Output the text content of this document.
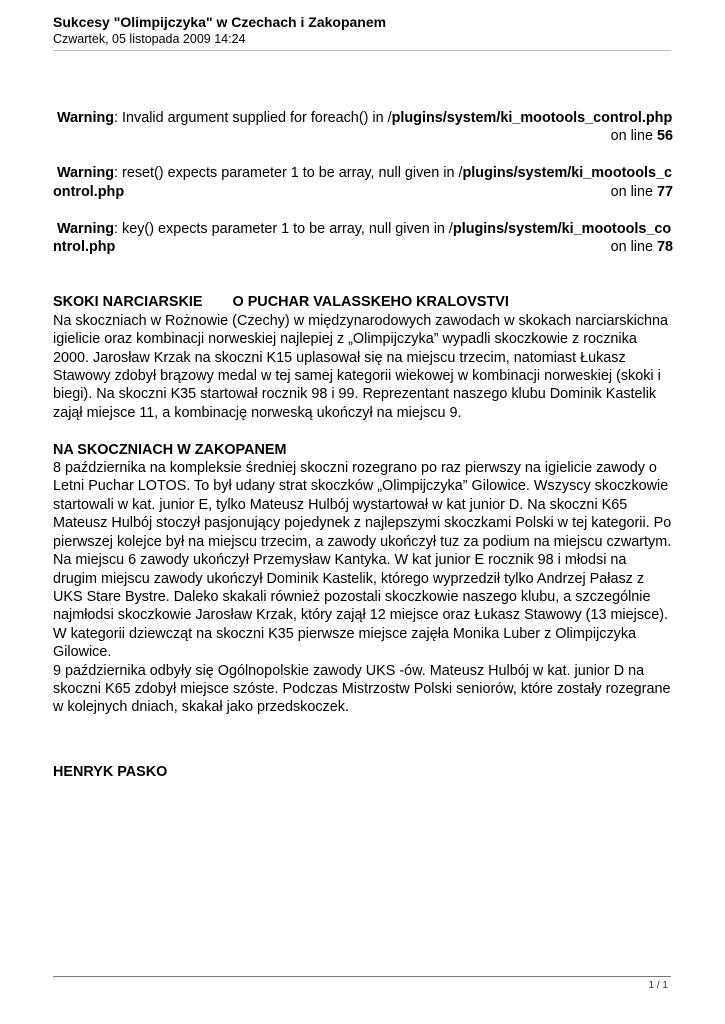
Sukcesy "Olimpijczyka" w Czechach i Zakopanem
Czwartek, 05 listopada 2009 14:24
Warning: Invalid argument supplied for foreach() in /plugins/system/ki_mootools_control.php
on line 56
Warning: reset() expects parameter 1 to be array, null given in /plugins/system/ki_mootools_control.php	on line 77
Warning: key() expects parameter 1 to be array, null given in /plugins/system/ki_mootools_control.php	on line 78
SKOKI NARCIARSKIE O PUCHAR VALASSKEHO KRALOVSTVI

Na skoczniach w Rożnowie (Czechy) w międzynarodowych zawodach w skokach narciarskichna igielicie oraz kombinacji norweskiej najlepiej z „Olimpijczyka” wypadli skoczkowie z rocznika 2000. Jarosław Krzak na skoczni K15 uplasował się na miejscu trzecim, natomiast Łukasz Stawowy zdobył brązowy medal w tej samej kategorii wiekowej w kombinacji norweskiej (skoki i biegi). Na skoczni K35 startował rocznik 98 i 99. Reprezentant naszego klubu Dominik Kastelik zajął miejsce 11, a kombinację norweską ukończył na miejscu 9.

NA SKOCZNIACH W ZAKOPANEM

8 października na kompleksie średniej skoczni rozegrano po raz pierwszy na igielicie zawody o Letni Puchar LOTOS. To był udany strat skoczków „Olimpijczyka” Gilowice. Wszyscy skoczkowie startowali w kat. junior E, tylko Mateusz Hulbój wystartował w kat junior D. Na skoczni K65 Mateusz Hulbój stoczył pasjonujący pojedynek z najlepszymi skoczkami Polski w tej kategorii. Po pierwszej kolejce był na miejscu trzecim, a zawody ukończył tuz za podium na miejscu czwartym. Na miejscu 6 zawody ukończył Przemysław Kantyka. W kat junior E rocznik 98 i młodsi na drugim miejscu zawody ukończył Dominik Kastelik, którego wyprzedził tylko Andrzej Pałasz z UKS Stare Bystre. Daleko skakali również pozostali skoczkowie naszego klubu, a szczególnie najmłodsi skoczkowie Jarosław Krzak, który zajął 12 miejsce oraz Łukasz Stawowy (13 miejsce).

W kategorii dziewcząt na skoczni K35 pierwsze miejsce zajęła Monika Luber z Olimpijczyka Gilowice.

9 października odbyły się Ogólnopolskie zawody UKS -ów. Mateusz Hulbój w kat. junior D na skoczni K65 zdobył miejsce szóste. Podczas Mistrzostw Polski seniorów, które zostały rozegrane w kolejnych dniach, skakał jako przedskoczek.

HENRYK PASKO
1 / 1
